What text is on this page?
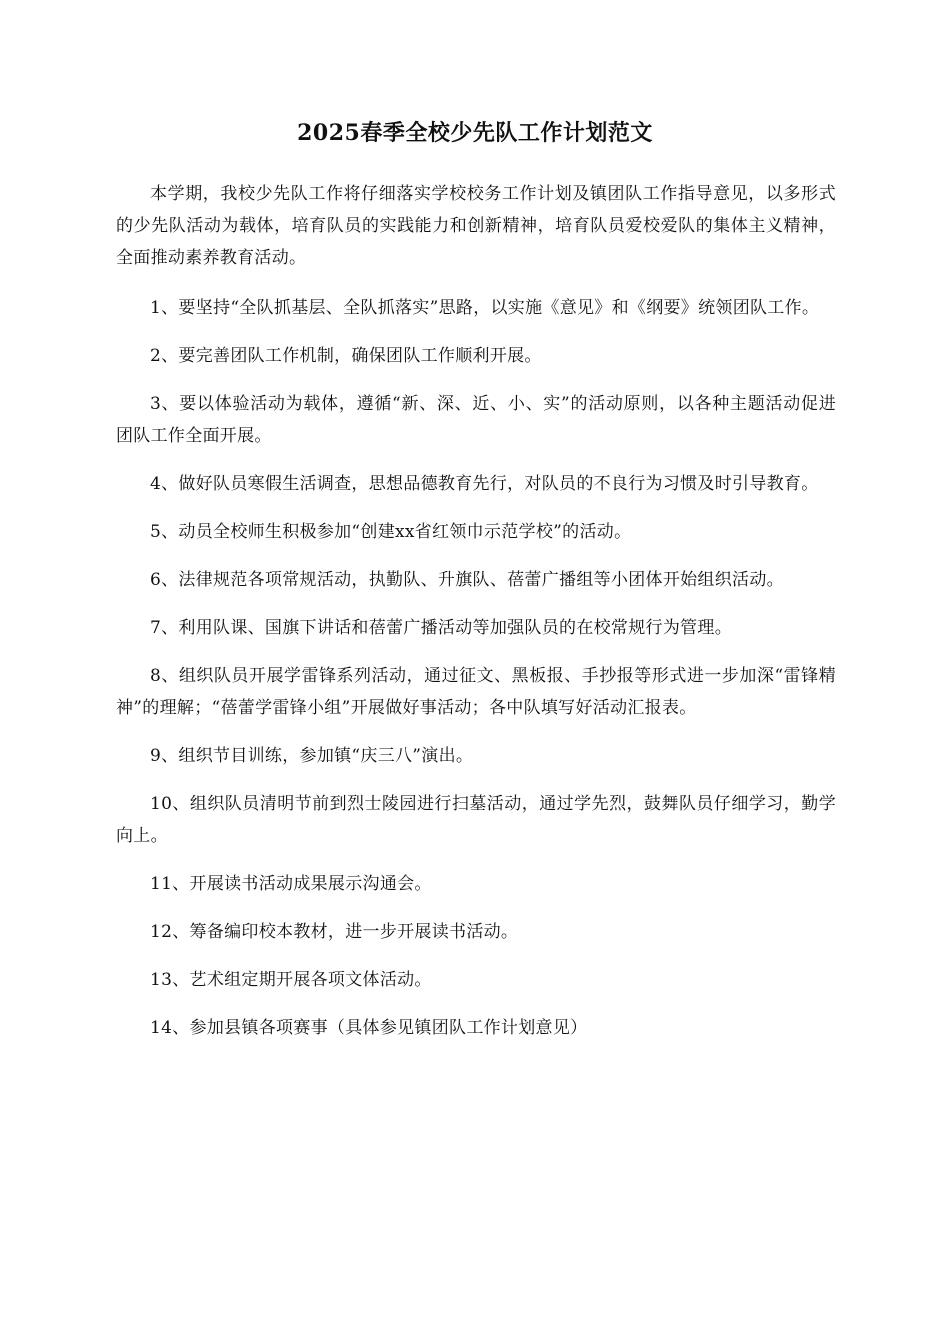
2025春季全校少先队工作计划范文

本学期，我校少先队工作将仔细落实学校校务工作计划及镇团队工作指导意见，以多形式的少先队活动为载体，培育队员的实践能力和创新精神，培育队员爱校爱队的集体主义精神，全面推动素养教育活动。

1、要坚持“全队抓基层、全队抓落实”思路，以实施《意见》和《纲要》统领团队工作。

2、要完善团队工作机制，确保团队工作顺利开展。

3、要以体验活动为载体，遵循“新、深、近、小、实”的活动原则，以各种主题活动促进团队工作全面开展。

4、做好队员寒假生活调查，思想品德教育先行，对队员的不良行为习惯及时引导教育。

5、动员全校师生积极参加“创建xx省红领巾示范学校”的活动。

6、法律规范各项常规活动，执勤队、升旗队、蓓蕾广播组等小团体开始组织活动。

7、利用队课、国旗下讲话和蓓蕾广播活动等加强队员的在校常规行为管理。

8、组织队员开展学雷锋系列活动，通过征文、黑板报、手抄报等形式进一步加深“雷锋精神”的理解；“蓓蕾学雷锋小组”开展做好事活动；各中队填写好活动汇报表。

9、组织节目训练，参加镇“庆三八”演出。

10、组织队员清明节前到烈士陵园进行扫墓活动，通过学先烈，鼓舞队员仔细学习，勤学向上。

11、开展读书活动成果展示沟通会。

12、筹备编印校本教材，进一步开展读书活动。

13、艺术组定期开展各项文体活动。

14、参加县镇各项赛事（具体参见镇团队工作计划意见）
